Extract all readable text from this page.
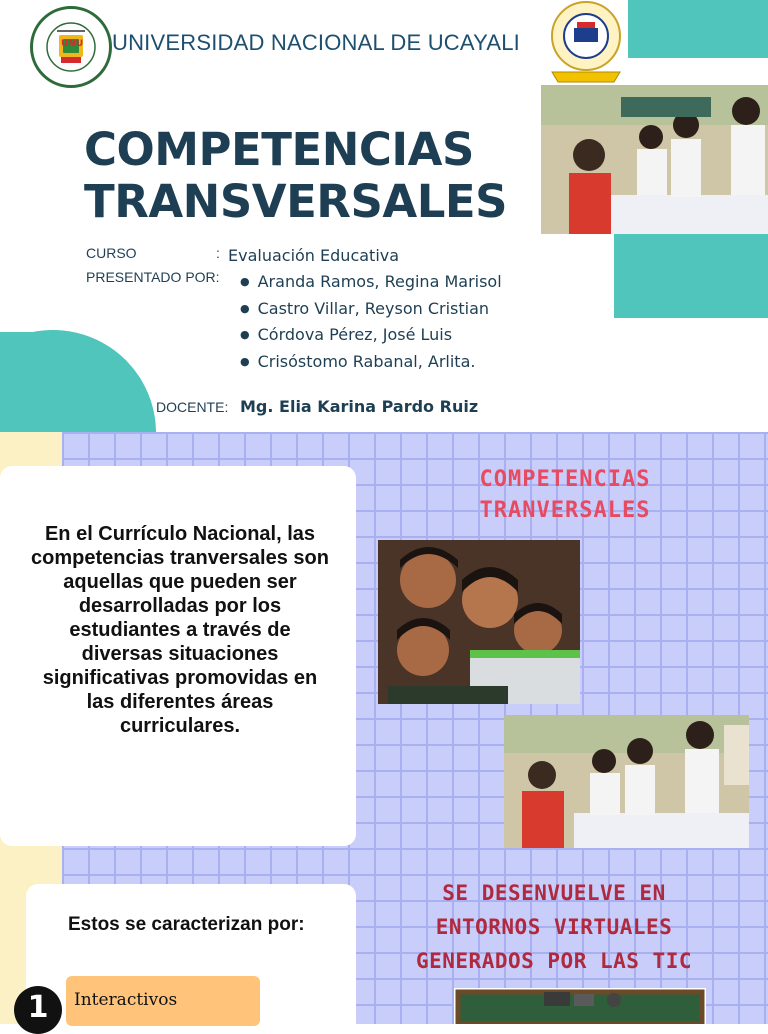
UNU UNIVERSIDAD NACIONAL DE UCAYALI
COMPETENCIAS
TRANSVERSALES
CURSO	: Evaluación Educativa
PRESENTADO POR:
●	Aranda Ramos, Regina Marisol
● Castro Villar, Reyson Cristian
● Córdova Pérez, José Luis
● Crisóstomo Rabanal, Arlita.
DOCENTE: Mg. Elia Karina Pardo Ruiz
En el Currículo Nacional, las competencias tranversales son aquellas que pueden ser desarrolladas por los estudiantes a través de diversas situaciones significativas promovidas en las diferentes áreas curriculares.
COMPETENCIAS
TRANVERSALES
Estos se caracterizan por:
Interactivos
1
SE DESENVUELVE EN
ENTORNOS VIRTUALES
GENERADOS POR LAS TIC
